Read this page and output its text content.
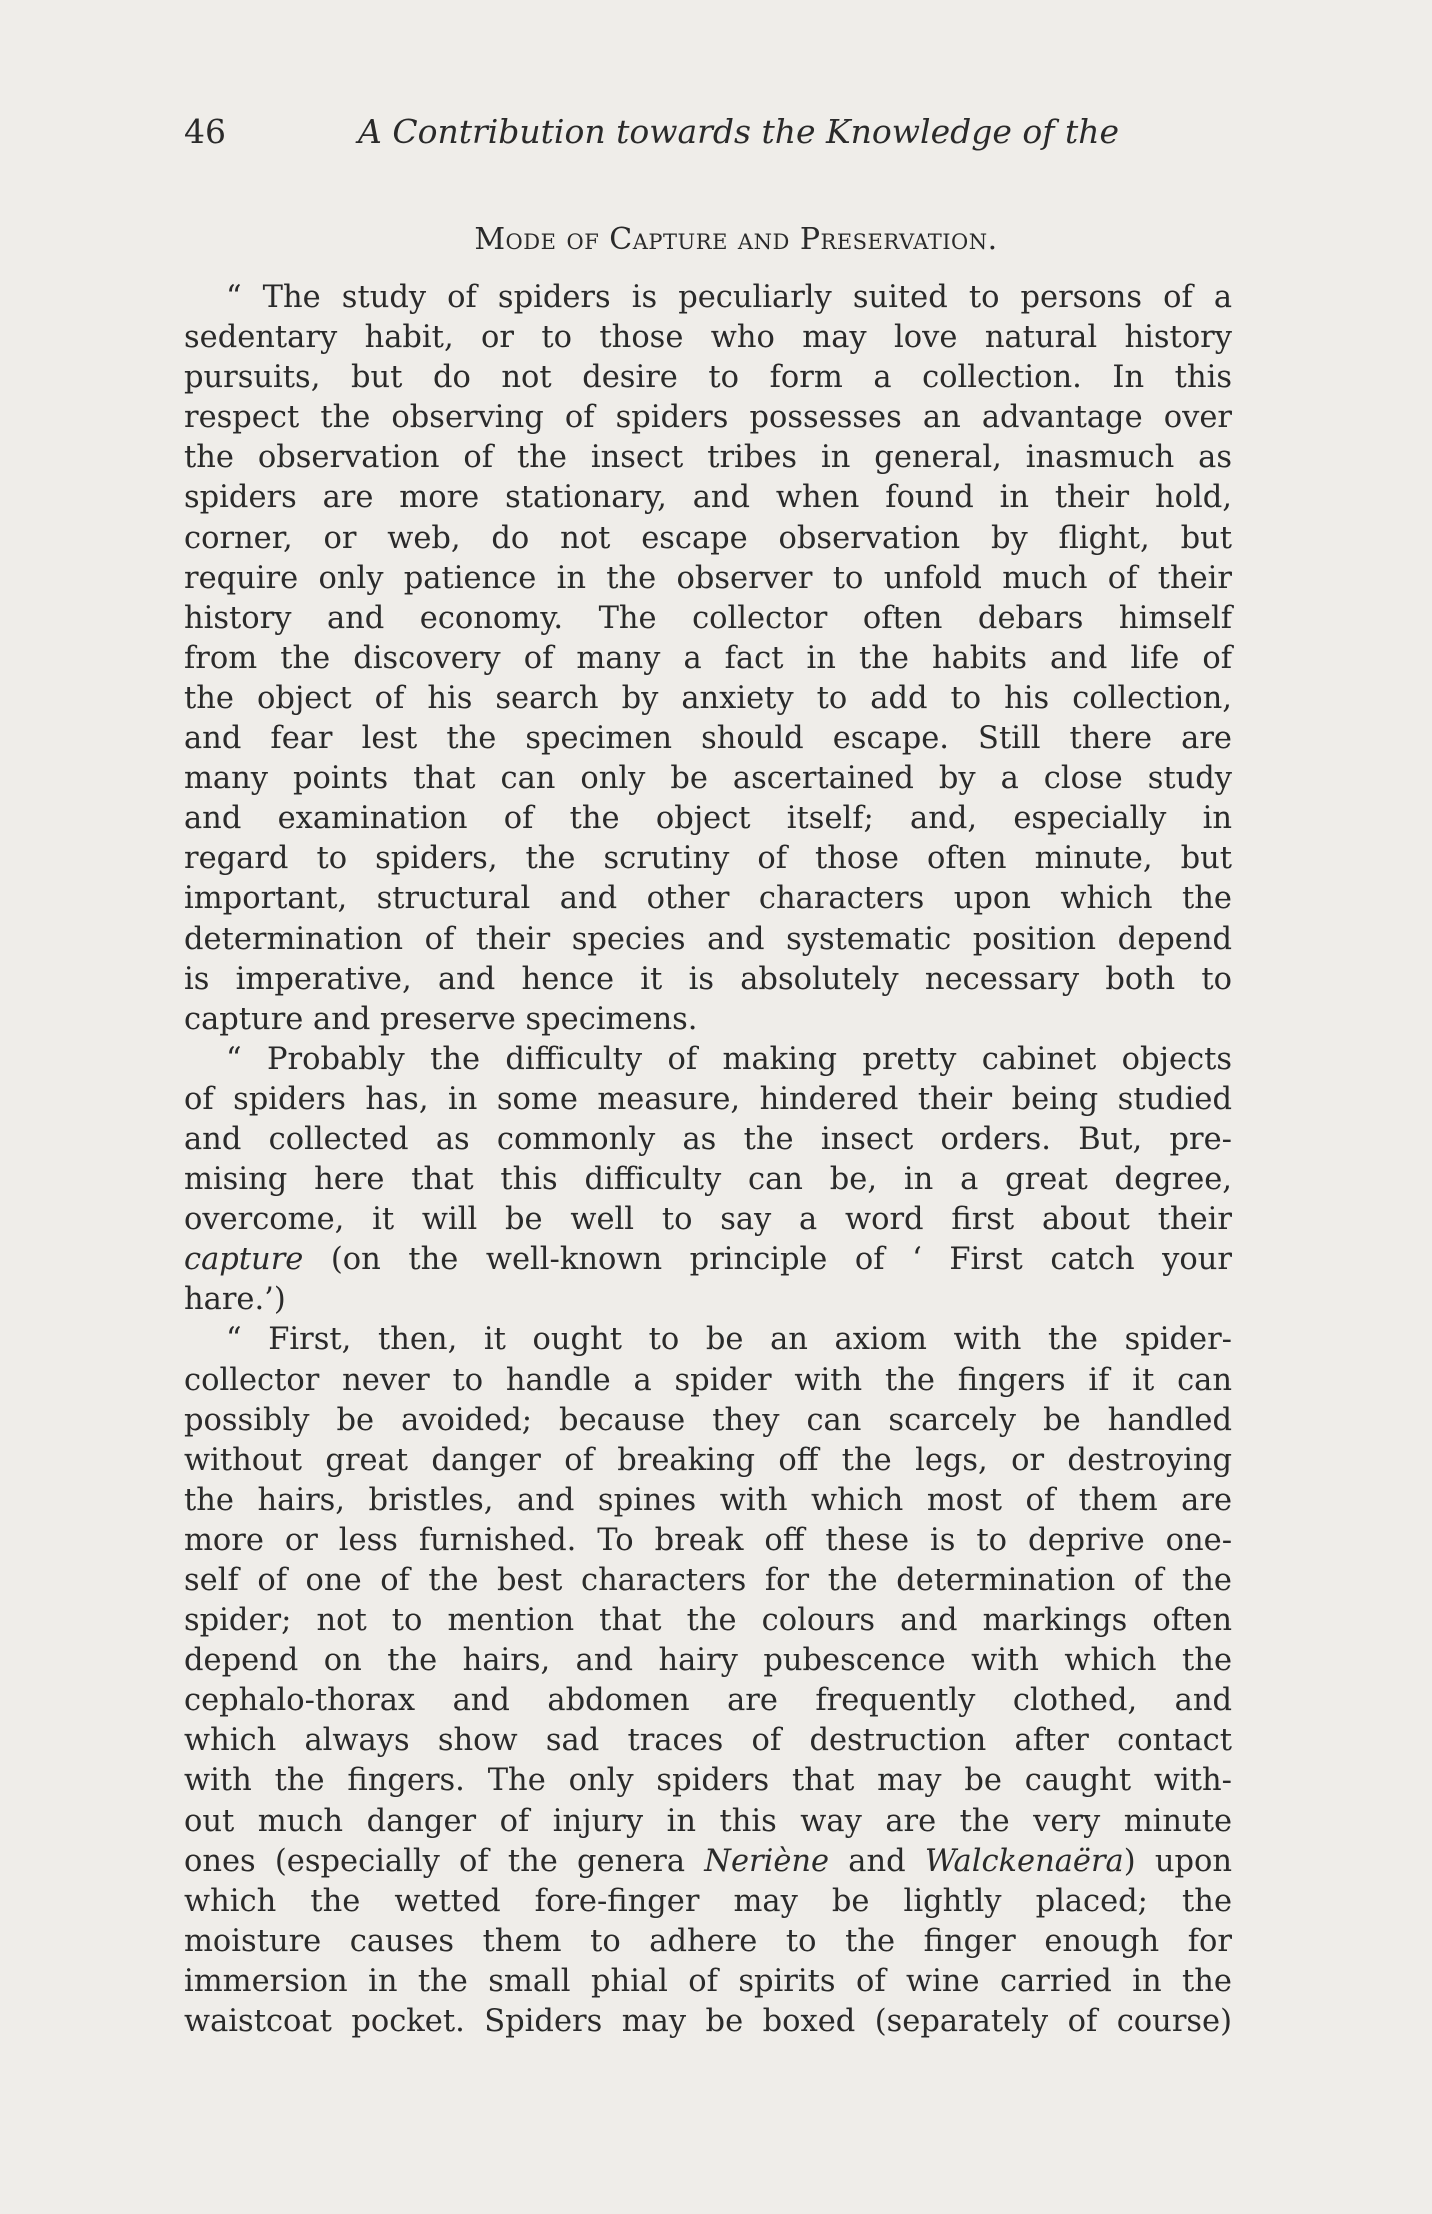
46	A Contribution towards the Knowledge of the
Mode of Capture and Preservation.
“ The study of spiders is peculiarly suited to persons of a
sedentary habit, or to those who may love natural history
pursuits, but do not desire to form a collection. In this
respect the observing of spiders possesses an advantage over
the observation of the insect tribes in general, inasmuch as
spiders are more stationary, and when found in their hold,
corner, or web, do not escape observation by flight, but
require only patience in the observer to unfold much of their
history and economy. The collector often debars himself
from the discovery of many a fact in the habits and life of
the object of his search by anxiety to add to his collection,
and fear lest the specimen should escape. Still there are
many points that can only be ascertained by a close study
and examination of the object itself; and, especially in
regard to spiders, the scrutiny of those often minute, but
important, structural and other characters upon which the
determination of their species and systematic position depend
is imperative, and hence it is absolutely necessary both to
capture and preserve specimens.
“ Probably the difficulty of making pretty cabinet objects
of spiders has, in some measure, hindered their being studied
and collected as commonly as the insect orders. But, pre-
mising here that this difficulty can be, in a great degree,
overcome, it will be well to say a word first about their
capture (on the well-known principle of ‘ First catch your
hare.’)
“ First, then, it ought to be an axiom with the spider-
collector never to handle a spider with the fingers if it can
possibly be avoided; because they can scarcely be handled
without great danger of breaking off the legs, or destroying
the hairs, bristles, and spines with which most of them are
more or less furnished. To break off these is to deprive one-
self of one of the best characters for the determination of the
spider; not to mention that the colours and markings often
depend on the hairs, and hairy pubescence with which the
cephalo-thorax and abdomen are frequently clothed, and
which always show sad traces of destruction after contact
with the fingers. The only spiders that may be caught with-
out much danger of injury in this way are the very minute
ones (especially of the genera Neriène and Walckenaëra) upon
which the wetted fore-finger may be lightly placed; the
moisture causes them to adhere to the finger enough for
immersion in the small phial of spirits of wine carried in the
waistcoat pocket. Spiders may be boxed (separately of course)
